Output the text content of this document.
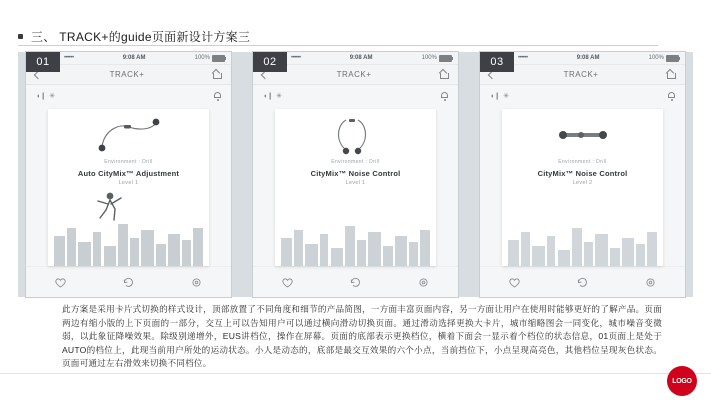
三、 TRACK+的guide页面新设计方案三
01	••••••	9:08 AM	100%
TRACK+
◖❙ ✳
Environment : Drill
Auto CityMix™ Adjustment
Level 1
02	••••••	9:08 AM	100%
TRACK+
◖❙ ✳
Environment : Drill
CityMix™ Noise Control
Level 1
03	••••••	9:08 AM	100%
TRACK+
◖❙ ✳
Environment : Drill
CityMix™ Noise Control
Level 2

此方案是采用卡片式切换的样式设计，顶部放置了不同角度和细节的产品简图，一方面丰富页面内容，另一方面让用户在使用时能够更好的了解产品。页面两边有缩小版的上下页面的一部分，交互上可以告知用户可以通过横向滑动切换页面。通过滑动选择更换大卡片，城市缩略图会一同变化，城市噪音变微弱，以此象征降噪效果。除级别递增外，EUS讲档位，操作在屏幕。页面的底部表示更换档位，横着下面会一显示着个档位的状态信息，01页面上是处于AUTO的档位上，此现当前用户所处的运动状态。小人是动态的，底部是最交互效果的六个小点，当前挡位下，小点呈现高亮色，其他档位呈现灰色状态。页面可通过左右滑效来切换不同档位。

LOGO
